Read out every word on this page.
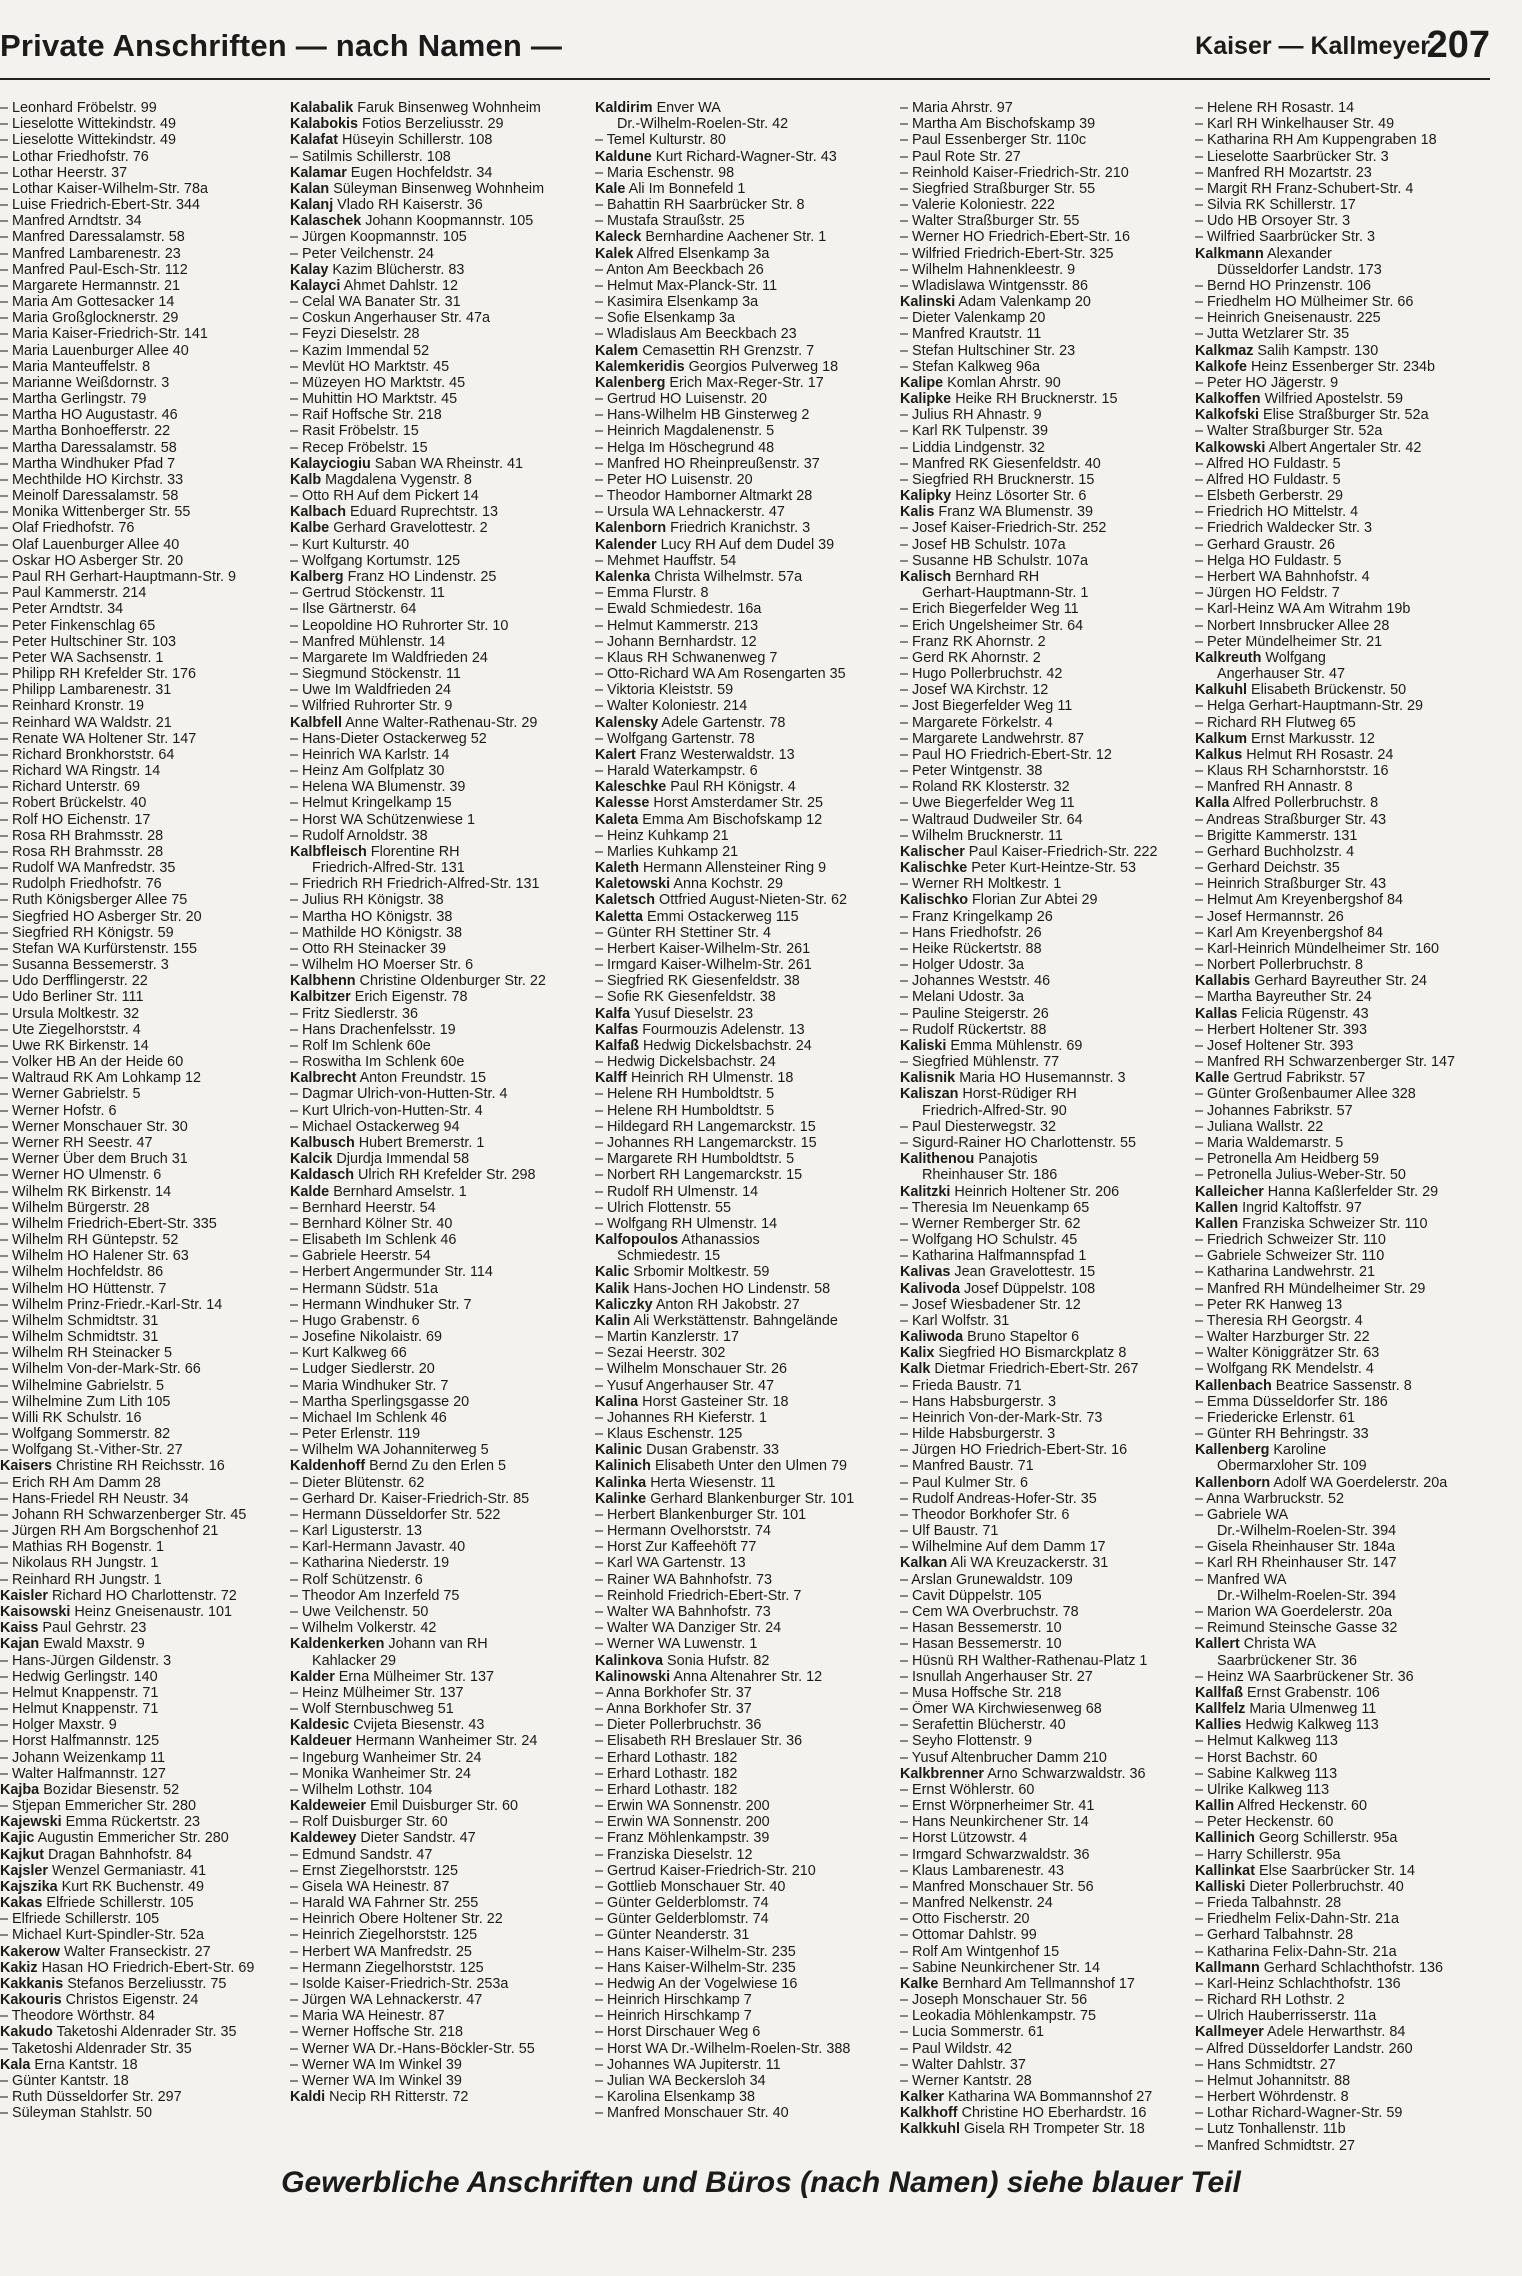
Private Anschriften — nach Namen —	Kaiser — Kallmeyer
207
– Leonhard Fröbelstr. 99
– Lieselotte Wittekindstr. 49
– Lieselotte Wittekindstr. 49
– Lothar Friedhofstr. 76
– Lothar Heerstr. 37
– Lothar Kaiser-Wilhelm-Str. 78a
– Luise Friedrich-Ebert-Str. 344
– Manfred Arndtstr. 34
– Manfred Daressalamstr. 58
– Manfred Lambarenestr. 23
– Manfred Paul-Esch-Str. 112
– Margarete Hermannstr. 21
– Maria Am Gottesacker 14
– Maria Großglocknerstr. 29
– Maria Kaiser-Friedrich-Str. 141
– Maria Lauenburger Allee 40
– Maria Manteuffelstr. 8
– Marianne Weißdornstr. 3
– Martha Gerlingstr. 79
– Martha HO Augustastr. 46
– Martha Bonhoefferstr. 22
– Martha Daressalamstr. 58
– Martha Windhuker Pfad 7
– Mechthilde HO Kirchstr. 33
– Meinolf Daressalamstr. 58
– Monika Wittenberger Str. 55
– Olaf Friedhofstr. 76
– Olaf Lauenburger Allee 40
– Oskar HO Asberger Str. 20
– Paul RH Gerhart-Hauptmann-Str. 9
– Paul Kammerstr. 214
– Peter Arndtstr. 34
– Peter Finkenschlag 65
– Peter Hultschiner Str. 103
– Peter WA Sachsenstr. 1
– Philipp RH Krefelder Str. 176
– Philipp Lambarenestr. 31
– Reinhard Kronstr. 19
– Reinhard WA Waldstr. 21
– Renate WA Holtener Str. 147
– Richard Bronkhorststr. 64
– Richard WA Ringstr. 14
– Richard Unterstr. 69
– Robert Brückelstr. 40
– Rolf HO Eichenstr. 17
– Rosa RH Brahmsstr. 28
– Rosa RH Brahmsstr. 28
– Rudolf WA Manfredstr. 35
– Rudolph Friedhofstr. 76
– Ruth Königsberger Allee 75
– Siegfried HO Asberger Str. 20
– Siegfried RH Königstr. 59
– Stefan WA Kurfürstenstr. 155
– Susanna Bessemerstr. 3
– Udo Derfflingerstr. 22
– Udo Berliner Str. 111
– Ursula Moltkestr. 32
– Ute Ziegelhorststr. 4
– Uwe RK Birkenstr. 14
– Volker HB An der Heide 60
– Waltraud RK Am Lohkamp 12
– Werner Gabrielstr. 5
– Werner Hofstr. 6
– Werner Monschauer Str. 30
– Werner RH Seestr. 47
– Werner Über dem Bruch 31
– Werner HO Ulmenstr. 6
– Wilhelm RK Birkenstr. 14
– Wilhelm Bürgerstr. 28
– Wilhelm Friedrich-Ebert-Str. 335
– Wilhelm RH Güntерstr. 52
– Wilhelm HO Halener Str. 63
– Wilhelm Hochfeldstr. 86
– Wilhelm HO Hüttenstr. 7
– Wilhelm Prinz-Friedr.-Karl-Str. 14
– Wilhelm Schmidtstr. 31
– Wilhelm Schmidtstr. 31
– Wilhelm RH Steinacker 5
– Wilhelm Von-der-Mark-Str. 66
– Wilhelmine Gabrielstr. 5
– Wilhelmine Zum Lith 105
– Willi RK Schulstr. 16
– Wolfgang Sommerstr. 82
– Wolfgang St.-Vither-Str. 27
Kaisers Christine RH Reichsstr. 16
– Erich RH Am Damm 28
– Hans-Friedel RH Neustr. 34
– Johann RH Schwarzenberger Str. 45
– Jürgen RH Am Borgschenhof 21
– Mathias RH Bogenstr. 1
– Nikolaus RH Jungstr. 1
– Reinhard RH Jungstr. 1
Kaisler Richard HO Charlottenstr. 72
Kaisowski Heinz Gneisenaustr. 101
Kaiss Paul Gehrstr. 23
Kajan Ewald Maxstr. 9
– Hans-Jürgen Gildenstr. 3
– Hedwig Gerlingstr. 140
– Helmut Knappenstr. 71
– Helmut Knappenstr. 71
– Holger Maxstr. 9
– Horst Halfmannstr. 125
– Johann Weizenkamp 11
– Walter Halfmannstr. 127
Kajba Bozidar Biesenstr. 52
– Stjepan Emmericher Str. 280
Kajewski Emma Rückertstr. 23
Kajic Augustin Emmericher Str. 280
Kajkut Dragan Bahnhofstr. 84
Kajsler Wenzel Germaniastr. 41
Kajszika Kurt RK Buchenstr. 49
Kakas Elfriede Schillerstr. 105
– Elfriede Schillerstr. 105
– Michael Kurt-Spindler-Str. 52a
Kakerow Walter Franseckistr. 27
Kakiz Hasan HO Friedrich-Ebert-Str. 69
Kakkanis Stefanos Berzeliusstr. 75
Kakouris Christos Eigenstr. 24
– Theodore Wörthstr. 84
Kakudo Taketoshi Aldenrader Str. 35
– Taketoshi Aldenrader Str. 35
Kala Erna Kantstr. 18
– Günter Kantstr. 18
– Ruth Düsseldorfer Str. 297
– Süleyman Stahlstr. 50
Kalabalik Faruk Binsenweg Wohnheim
Kalabokis Fotios Berzeliusstr. 29
Kalafat Hüseyin Schillerstr. 108
– Satilmis Schillerstr. 108
Kalamar Eugen Hochfeldstr. 34
Kalan Süleyman Binsenweg Wohnheim
Kalanj Vlado RH Kaiserstr. 36
Kalaschek Johann Koopmannstr. 105
– Jürgen Koopmannstr. 105
– Peter Veilchenstr. 24
Kalay Kazim Blücherstr. 83
Kalayci Ahmet Dahlstr. 12
– Celal WA Banater Str. 31
– Coskun Angerhauser Str. 47a
– Feyzi Dieselstr. 28
– Kazim Immendal 52
– Mevlüt HO Marktstr. 45
– Müzeyen HO Marktstr. 45
– Muhittin HO Marktstr. 45
– Raif Hoffsche Str. 218
– Rasit Fröbelstr. 15
– Recep Fröbelstr. 15
Kalayciogiu Saban WA Rheinstr. 41
Kalb Magdalena Vygenstr. 8
– Otto RH Auf dem Pickert 14
Kalbach Eduard Ruprechtstr. 13
Kalbe Gerhard Gravelottestr. 2
– Kurt Kulturstr. 40
– Wolfgang Kortumstr. 125
Kalberg Franz HO Lindenstr. 25
– Gertrud Stöckenstr. 11
– Ilse Gärtnerstr. 64
– Leopoldine HO Ruhrorter Str. 10
– Manfred Mühlenstr. 14
– Margarete Im Waldfrieden 24
– Siegmund Stöckenstr. 11
– Uwe Im Waldfrieden 24
– Wilfried Ruhrorter Str. 9
Kalbfell Anne Walter-Rathenau-Str. 29
– Hans-Dieter Ostackerweg 52
– Heinrich WA Karlstr. 14
– Heinz Am Golfplatz 30
– Helena WA Blumenstr. 39
– Helmut Kringelkamp 15
– Horst WA Schützenwiese 1
– Rudolf Arnoldstr. 38
Kalbfleisch Florentine RH
Friedrich-Alfred-Str. 131
– Friedrich RH Friedrich-Alfred-Str. 131
– Julius RH Königstr. 38
– Martha HO Königstr. 38
– Mathilde HO Königstr. 38
– Otto RH Steinacker 39
– Wilhelm HO Moerser Str. 6
Kalbhenn Christine Oldenburger Str. 22
Kalbitzer Erich Eigenstr. 78
– Fritz Siedlerstr. 36
– Hans Drachenfelsstr. 19
– Rolf Im Schlenk 60e
– Roswitha Im Schlenk 60e
Kalbrecht Anton Freundstr. 15
– Dagmar Ulrich-von-Hutten-Str. 4
– Kurt Ulrich-von-Hutten-Str. 4
– Michael Ostackerweg 94
Kalbusch Hubert Bremerstr. 1
Kalcik Djurdja Immendal 58
Kaldasch Ulrich RH Krefelder Str. 298
Kalde Bernhard Amselstr. 1
– Bernhard Heerstr. 54
– Bernhard Kölner Str. 40
– Elisabeth Im Schlenk 46
– Gabriele Heerstr. 54
– Herbert Angermunder Str. 114
– Hermann Südstr. 51a
– Hermann Windhuker Str. 7
– Hugo Grabenstr. 6
– Josefine Nikolaistr. 69
– Kurt Kalkweg 66
– Ludger Siedlerstr. 20
– Maria Windhuker Str. 7
– Martha Sperlingsgasse 20
– Michael Im Schlenk 46
– Peter Erlenstr. 119
– Wilhelm WA Johanniterweg 5
Kaldenhoff Bernd Zu den Erlen 5
– Dieter Blütenstr. 62
– Gerhard Dr. Kaiser-Friedrich-Str. 85
– Hermann Düsseldorfer Str. 522
– Karl Ligusterstr. 13
– Karl-Hermann Javastr. 40
– Katharina Niederstr. 19
– Rolf Schützenstr. 6
– Theodor Am Inzerfeld 75
– Uwe Veilchenstr. 50
– Wilhelm Volkerstr. 42
Kaldenkerken Johann van RH
Kahlacker 29
Kalder Erna Mülheimer Str. 137
– Heinz Mülheimer Str. 137
– Wolf Sternbuschweg 51
Kaldesic Cvijeta Biesenstr. 43
Kaldeuer Hermann Wanheimer Str. 24
– Ingeburg Wanheimer Str. 24
– Monika Wanheimer Str. 24
– Wilhelm Lothstr. 104
Kaldeweier Emil Duisburger Str. 60
– Rolf Duisburger Str. 60
Kaldewey Dieter Sandstr. 47
– Edmund Sandstr. 47
– Ernst Ziegelhorststr. 125
– Gisela WA Heinestr. 87
– Harald WA Fahrner Str. 255
– Heinrich Obere Holtener Str. 22
– Heinrich Ziegelhorststr. 125
– Herbert WA Manfredstr. 25
– Hermann Ziegelhorststr. 125
– Isolde Kaiser-Friedrich-Str. 253a
– Jürgen WA Lehnackerstr. 47
– Maria WA Heinestr. 87
– Werner Hoffsche Str. 218
– Werner WA Dr.-Hans-Böckler-Str. 55
– Werner WA Im Winkel 39
– Werner WA Im Winkel 39
Kaldi Necip RH Ritterstr. 72
Kaldirim Enver WA
Dr.-Wilhelm-Roelen-Str. 42
– Temel Kulturstr. 80
Kaldune Kurt Richard-Wagner-Str. 43
– Maria Eschenstr. 98
Kale Ali Im Bonnefeld 1
– Bahattin RH Saarbrücker Str. 8
– Mustafa Straußstr. 25
Kaleck Bernhardine Aachener Str. 1
Kalek Alfred Elsenkamp 3a
– Anton Am Beeckbach 26
– Helmut Max-Planck-Str. 11
– Kasimira Elsenkamp 3a
– Sofie Elsenkamp 3a
– Wladislaus Am Beeckbach 23
Kalem Cemasettin RH Grenzstr. 7
Kalemkeridis Georgios Pulverweg 18
Kalenberg Erich Max-Reger-Str. 17
– Gertrud HO Luisenstr. 20
– Hans-Wilhelm HB Ginsterweg 2
– Heinrich Magdalenenstr. 5
– Helga Im Höschegrund 48
– Manfred HO Rheinpreußenstr. 37
– Peter HO Luisenstr. 20
– Theodor Hamborner Altmarkt 28
– Ursula WA Lehnackerstr. 47
Kalenborn Friedrich Kranichstr. 3
Kalender Lucy RH Auf dem Dudel 39
– Mehmet Hauffstr. 54
Kalenka Christa Wilhelmstr. 57a
– Emma Flurstr. 8
– Ewald Schmiedestr. 16a
– Helmut Kammerstr. 213
– Johann Bernhardstr. 12
– Klaus RH Schwanenweg 7
– Otto-Richard WA Am Rosengarten 35
– Viktoria Kleiststr. 59
– Walter Koloniestr. 214
Kalensky Adele Gartenstr. 78
– Wolfgang Gartenstr. 78
Kalert Franz Westerwaldstr. 13
– Harald Waterkampstr. 6
Kaleschke Paul RH Königstr. 4
Kalesse Horst Amsterdamer Str. 25
Kaleta Emma Am Bischofskamp 12
– Heinz Kuhkamp 21
– Marlies Kuhkamp 21
Kaleth Hermann Allensteiner Ring 9
Kaletowski Anna Kochstr. 29
Kaletsch Ottfried August-Nieten-Str. 62
Kaletta Emmi Ostackerweg 115
– Günter RH Stettiner Str. 4
– Herbert Kaiser-Wilhelm-Str. 261
– Irmgard Kaiser-Wilhelm-Str. 261
– Siegfried RK Giesenfeldstr. 38
– Sofie RK Giesenfeldstr. 38
Kalfa Yusuf Dieselstr. 23
Kalfas Fourmouzis Adelenstr. 13
Kalfaß Hedwig Dickelsbachstr. 24
– Hedwig Dickelsbachstr. 24
Kalff Heinrich RH Ulmenstr. 18
– Helene RH Humboldtstr. 5
– Helene RH Humboldtstr. 5
– Hildegard RH Langemarckstr. 15
– Johannes RH Langemarckstr. 15
– Margarete RH Humboldtstr. 5
– Norbert RH Langemarckstr. 15
– Rudolf RH Ulmenstr. 14
– Ulrich Flottenstr. 55
– Wolfgang RH Ulmenstr. 14
Kalfopoulos Athanassios
Schmiedestr. 15
Kalic Srbomir Moltkestr. 59
Kalik Hans-Jochen HO Lindenstr. 58
Kaliczky Anton RH Jakobstr. 27
Kalin Ali Werkstättenstr. Bahngelände
– Martin Kanzlerstr. 17
– Sezai Heerstr. 302
– Wilhelm Monschauer Str. 26
– Yusuf Angerhauser Str. 47
Kalina Horst Gasteiner Str. 18
– Johannes RH Kieferstr. 1
– Klaus Eschenstr. 125
Kalinic Dusan Grabenstr. 33
Kalinich Elisabeth Unter den Ulmen 79
Kalinka Herta Wiesenstr. 11
Kalinke Gerhard Blankenburger Str. 101
– Herbert Blankenburger Str. 101
– Hermann Ovelhorststr. 74
– Horst Zur Kaffeehöft 77
– Karl WA Gartenstr. 13
– Rainer WA Bahnhofstr. 73
– Reinhold Friedrich-Ebert-Str. 7
– Walter WA Bahnhofstr. 73
– Walter WA Danziger Str. 24
– Werner WA Luwenstr. 1
Kalinkova Sonia Hufstr. 82
Kalinowski Anna Altenahrer Str. 12
– Anna Borkhofer Str. 37
– Anna Borkhofer Str. 37
– Dieter Pollerbruchstr. 36
– Elisabeth RH Breslauer Str. 36
– Erhard Lothastr. 182
– Erhard Lothastr. 182
– Erhard Lothastr. 182
– Erwin WA Sonnenstr. 200
– Erwin WA Sonnenstr. 200
– Franz Möhlenkampstr. 39
– Franziska Dieselstr. 12
– Gertrud Kaiser-Friedrich-Str. 210
– Gottlieb Monschauer Str. 40
– Günter Gelderblomstr. 74
– Günter Gelderblomstr. 74
– Günter Neanderstr. 31
– Hans Kaiser-Wilhelm-Str. 235
– Hans Kaiser-Wilhelm-Str. 235
– Hedwig An der Vogelwiese 16
– Heinrich Hirschkamp 7
– Heinrich Hirschkamp 7
– Horst Dirschauer Weg 6
– Horst WA Dr.-Wilhelm-Roelen-Str. 388
– Johannes WA Jupiterstr. 11
– Julian WA Beckerslоh 34
– Karolina Elsenkamp 38
– Manfred Monschauer Str. 40
– Maria Ahrstr. 97
– Martha Am Bischofskamp 39
– Paul Essenberger Str. 110c
– Paul Rote Str. 27
– Reinhold Kaiser-Friedrich-Str. 210
– Siegfried Straßburger Str. 55
– Valerie Koloniestr. 222
– Walter Straßburger Str. 55
– Werner HO Friedrich-Ebert-Str. 16
– Wilfried Friedrich-Ebert-Str. 325
– Wilhelm Hahnenkleestr. 9
– Wladislawa Wintgensstr. 86
Kalinski Adam Valenkamp 20
– Dieter Valenkamp 20
– Manfred Krautstr. 11
– Stefan Hultschiner Str. 23
– Stefan Kalkweg 96a
Kalipe Komlan Ahrstr. 90
Kalipke Heike RH Brucknerstr. 15
– Julius RH Ahnastr. 9
– Karl RK Tulpenstr. 39
– Liddia Lindgenstr. 32
– Manfred RK Giesenfeldstr. 40
– Siegfried RH Brucknerstr. 15
Kalipky Heinz Lösorter Str. 6
Kalis Franz WA Blumenstr. 39
– Josef Kaiser-Friedrich-Str. 252
– Josef HB Schulstr. 107a
– Susanne HB Schulstr. 107a
Kalisch Bernhard RH
Gerhart-Hauptmann-Str. 1
– Erich Biegerfelder Weg 11
– Erich Ungelsheimer Str. 64
– Franz RK Ahornstr. 2
– Gerd RK Ahornstr. 2
– Hugo Pollerbruchstr. 42
– Josef WA Kirchstr. 12
– Jost Biegerfelder Weg 11
– Margarete Förkelstr. 4
– Margarete Landwehrstr. 87
– Paul HO Friedrich-Ebert-Str. 12
– Peter Wintgenstr. 38
– Roland RK Klosterstr. 32
– Uwe Biegerfelder Weg 11
– Waltraud Dudweiler Str. 64
– Wilhelm Brucknerstr. 11
Kalischer Paul Kaiser-Friedrich-Str. 222
Kalischke Peter Kurt-Heintze-Str. 53
– Werner RH Moltkestr. 1
Kalischko Florian Zur Abtei 29
– Franz Kringelkamp 26
– Hans Friedhofstr. 26
– Heike Rückertstr. 88
– Holger Udostr. 3a
– Johannes Weststr. 46
– Melani Udostr. 3a
– Pauline Steigerstr. 26
– Rudolf Rückertstr. 88
Kaliski Emma Mühlenstr. 69
– Siegfried Mühlenstr. 77
Kalisnik Maria HO Husemannstr. 3
Kaliszan Horst-Rüdiger RH
Friedrich-Alfred-Str. 90
– Paul Diesterwegstr. 32
– Sigurd-Rainer HO Charlottenstr. 55
Kalithenou Panajotis
Rheinhauser Str. 186
Kalitzki Heinrich Holtener Str. 206
– Theresia Im Neuenkamp 65
– Werner Remberger Str. 62
– Wolfgang HO Schulstr. 45
– Katharina Halfmannspfad 1
Kalivas Jean Gravelottestr. 15
Kalivoda Josef Düppelstr. 108
– Josef Wiesbadener Str. 12
– Karl Wolfstr. 31
Kaliwoda Bruno Stapeltor 6
Kalix Siegfried HO Bismarckplatz 8
Kalk Dietmar Friedrich-Ebert-Str. 267
– Frieda Baustr. 71
– Hans Habsburgerstr. 3
– Heinrich Von-der-Mark-Str. 73
– Hilde Habsburgerstr. 3
– Jürgen HO Friedrich-Ebert-Str. 16
– Manfred Baustr. 71
– Paul Kulmer Str. 6
– Rudolf Andreas-Hofer-Str. 35
– Theodor Borkhofer Str. 6
– Ulf Baustr. 71
– Wilhelmine Auf dem Damm 17
Kalkan Ali WA Kreuzackerstr. 31
– Arslan Grunewaldstr. 109
– Cavit Düppelstr. 105
– Cem WA Overbruchstr. 78
– Hasan Bessemerstr. 10
– Hasan Bessemerstr. 10
– Hüsnü RH Walther-Rathenau-Platz 1
– Isnullah Angerhauser Str. 27
– Musa Hoffsche Str. 218
– Ömer WA Kirchwiesenweg 68
– Serafettin Blücherstr. 40
– Seyho Flottenstr. 9
– Yusuf Altenbrucher Damm 210
Kalkbrenner Arno Schwarzwaldstr. 36
– Ernst Wöhlerstr. 60
– Ernst Wörpnerheimer Str. 41
– Hans Neunkirchener Str. 14
– Horst Lützowstr. 4
– Irmgard Schwarzwaldstr. 36
– Klaus Lambarenestr. 43
– Manfred Monschauer Str. 56
– Manfred Nelkenstr. 24
– Otto Fischerstr. 20
– Ottomar Dahlstr. 99
– Rolf Am Wintgenhof 15
– Sabine Neunkirchener Str. 14
Kalke Bernhard Am Tellmannshof 17
– Joseph Monschauer Str. 56
– Leokadia Möhlenkampstr. 75
– Lucia Sommerstr. 61
– Paul Wildstr. 42
– Walter Dahlstr. 37
– Werner Kantstr. 28
Kalker Katharina WA Bommannshof 27
Kalkhoff Christine HO Eberhardstr. 16
Kalkkuhl Gisela RH Trompeter Str. 18
– Helene RH Rosastr. 14
– Karl RH Winkelhauser Str. 49
– Katharina RH Am Kuppengraben 18
– Lieselotte Saarbrücker Str. 3
– Manfred RH Mozartstr. 23
– Margit RH Franz-Schubert-Str. 4
– Silvia RK Schillerstr. 17
– Udo HB Orsoyer Str. 3
– Wilfried Saarbrücker Str. 3
Kalkmann Alexander
Düsseldorfer Landstr. 173
– Bernd HO Prinzenstr. 106
– Friedhelm HO Mülheimer Str. 66
– Heinrich Gneisenaustr. 225
– Jutta Wetzlarer Str. 35
Kalkmaz Salih Kampstr. 130
Kalkofe Heinz Essenberger Str. 234b
– Peter HO Jägerstr. 9
Kalkoffen Wilfried Apostelstr. 59
Kalkofski Elise Straßburger Str. 52a
– Walter Straßburger Str. 52a
Kalkowski Albert Angertaler Str. 42
– Alfred HO Fuldastr. 5
– Alfred HO Fuldastr. 5
– Elsbeth Gerberstr. 29
– Friedrich HO Mittelstr. 4
– Friedrich Waldecker Str. 3
– Gerhard Graustr. 26
– Helga HO Fuldastr. 5
– Herbert WA Bahnhofstr. 4
– Jürgen HO Feldstr. 7
– Karl-Heinz WA Am Witrahm 19b
– Norbert Innsbrucker Allee 28
– Peter Mündelheimer Str. 21
Kalkreuth Wolfgang
Angerhauser Str. 47
Kalkuhl Elisabeth Brückenstr. 50
– Helga Gerhart-Hauptmann-Str. 29
– Richard RH Flutweg 65
Kalkum Ernst Markusstr. 12
Kalkus Helmut RH Rosastr. 24
– Klaus RH Scharnhorststr. 16
– Manfred RH Annastr. 8
Kalla Alfred Pollerbruchstr. 8
– Andreas Straßburger Str. 43
– Brigitte Kammerstr. 131
– Gerhard Buchholzstr. 4
– Gerhard Deichstr. 35
– Heinrich Straßburger Str. 43
– Helmut Am Kreyenbergshof 84
– Josef Hermannstr. 26
– Karl Am Kreyenbergshof 84
– Karl-Heinrich Mündelheimer Str. 160
– Norbert Pollerbruchstr. 8
Kallabis Gerhard Bayreuther Str. 24
– Martha Bayreuther Str. 24
Kallas Felicia Rügenstr. 43
– Herbert Holtener Str. 393
– Josef Holtener Str. 393
– Manfred RH Schwarzenberger Str. 147
Kalle Gertrud Fabrikstr. 57
– Günter Großenbaumer Allee 328
– Johannes Fabrikstr. 57
– Juliana Wallstr. 22
– Maria Waldemarstr. 5
– Petronella Am Heidberg 59
– Petronella Julius-Weber-Str. 50
Kalleicher Hanna Kaßlerfelder Str. 29
Kallen Ingrid Kaltoffstr. 97
Kallen Franziska Schweizer Str. 110
– Friedrich Schweizer Str. 110
– Gabriele Schweizer Str. 110
– Katharina Landwehrstr. 21
– Manfred RH Mündelheimer Str. 29
– Peter RK Hanweg 13
– Theresia RH Georgstr. 4
– Walter Harzburger Str. 22
– Walter Königgrätzer Str. 63
– Wolfgang RK Mendelstr. 4
Kallenbach Beatrice Sassenstr. 8
– Emma Düsseldorfer Str. 186
– Friedericke Erlenstr. 61
– Günter RH Behringstr. 33
Kallenberg Karoline
Obermarxloher Str. 109
Kallenborn Adolf WA Goerdelerstr. 20a
– Anna Warbruckstr. 52
– Gabriele WA
Dr.-Wilhelm-Roelen-Str. 394
– Gisela Rheinhauser Str. 184a
– Karl RH Rheinhauser Str. 147
– Manfred WA
Dr.-Wilhelm-Roelen-Str. 394
– Marion WA Goerdelerstr. 20a
– Reimund Steinsche Gasse 32
Kallert Christa WA
Saarbrückener Str. 36
– Heinz WA Saarbrückener Str. 36
Kallfaß Ernst Grabenstr. 106
Kallfelz Maria Ulmenweg 11
Kallies Hedwig Kalkweg 113
– Helmut Kalkweg 113
– Horst Bachstr. 60
– Sabine Kalkweg 113
– Ulrike Kalkweg 113
Kallin Alfred Heckenstr. 60
– Peter Heckenstr. 60
Kallinich Georg Schillerstr. 95a
– Harry Schillerstr. 95a
Kallinkat Else Saarbrücker Str. 14
Kalliski Dieter Pollerbruchstr. 40
– Frieda Talbahnstr. 28
– Friedhelm Felix-Dahn-Str. 21a
– Gerhard Talbahnstr. 28
– Katharina Felix-Dahn-Str. 21a
Kallmann Gerhard Schlachthofstr. 136
– Karl-Heinz Schlachthofstr. 136
– Richard RH Lothstr. 2
– Ulrich Hauberrisserstr. 11a
Kallmeyer Adele Herwarthstr. 84
– Alfred Düsseldorfer Landstr. 260
– Hans Schmidtstr. 27
– Helmut Johannitstr. 88
– Herbert Wöhrdenstr. 8
– Lothar Richard-Wagner-Str. 59
– Lutz Tonhallenstr. 11b
– Manfred Schmidtstr. 27
Gewerbliche Anschriften und Büros (nach Namen) siehe blauer Teil
